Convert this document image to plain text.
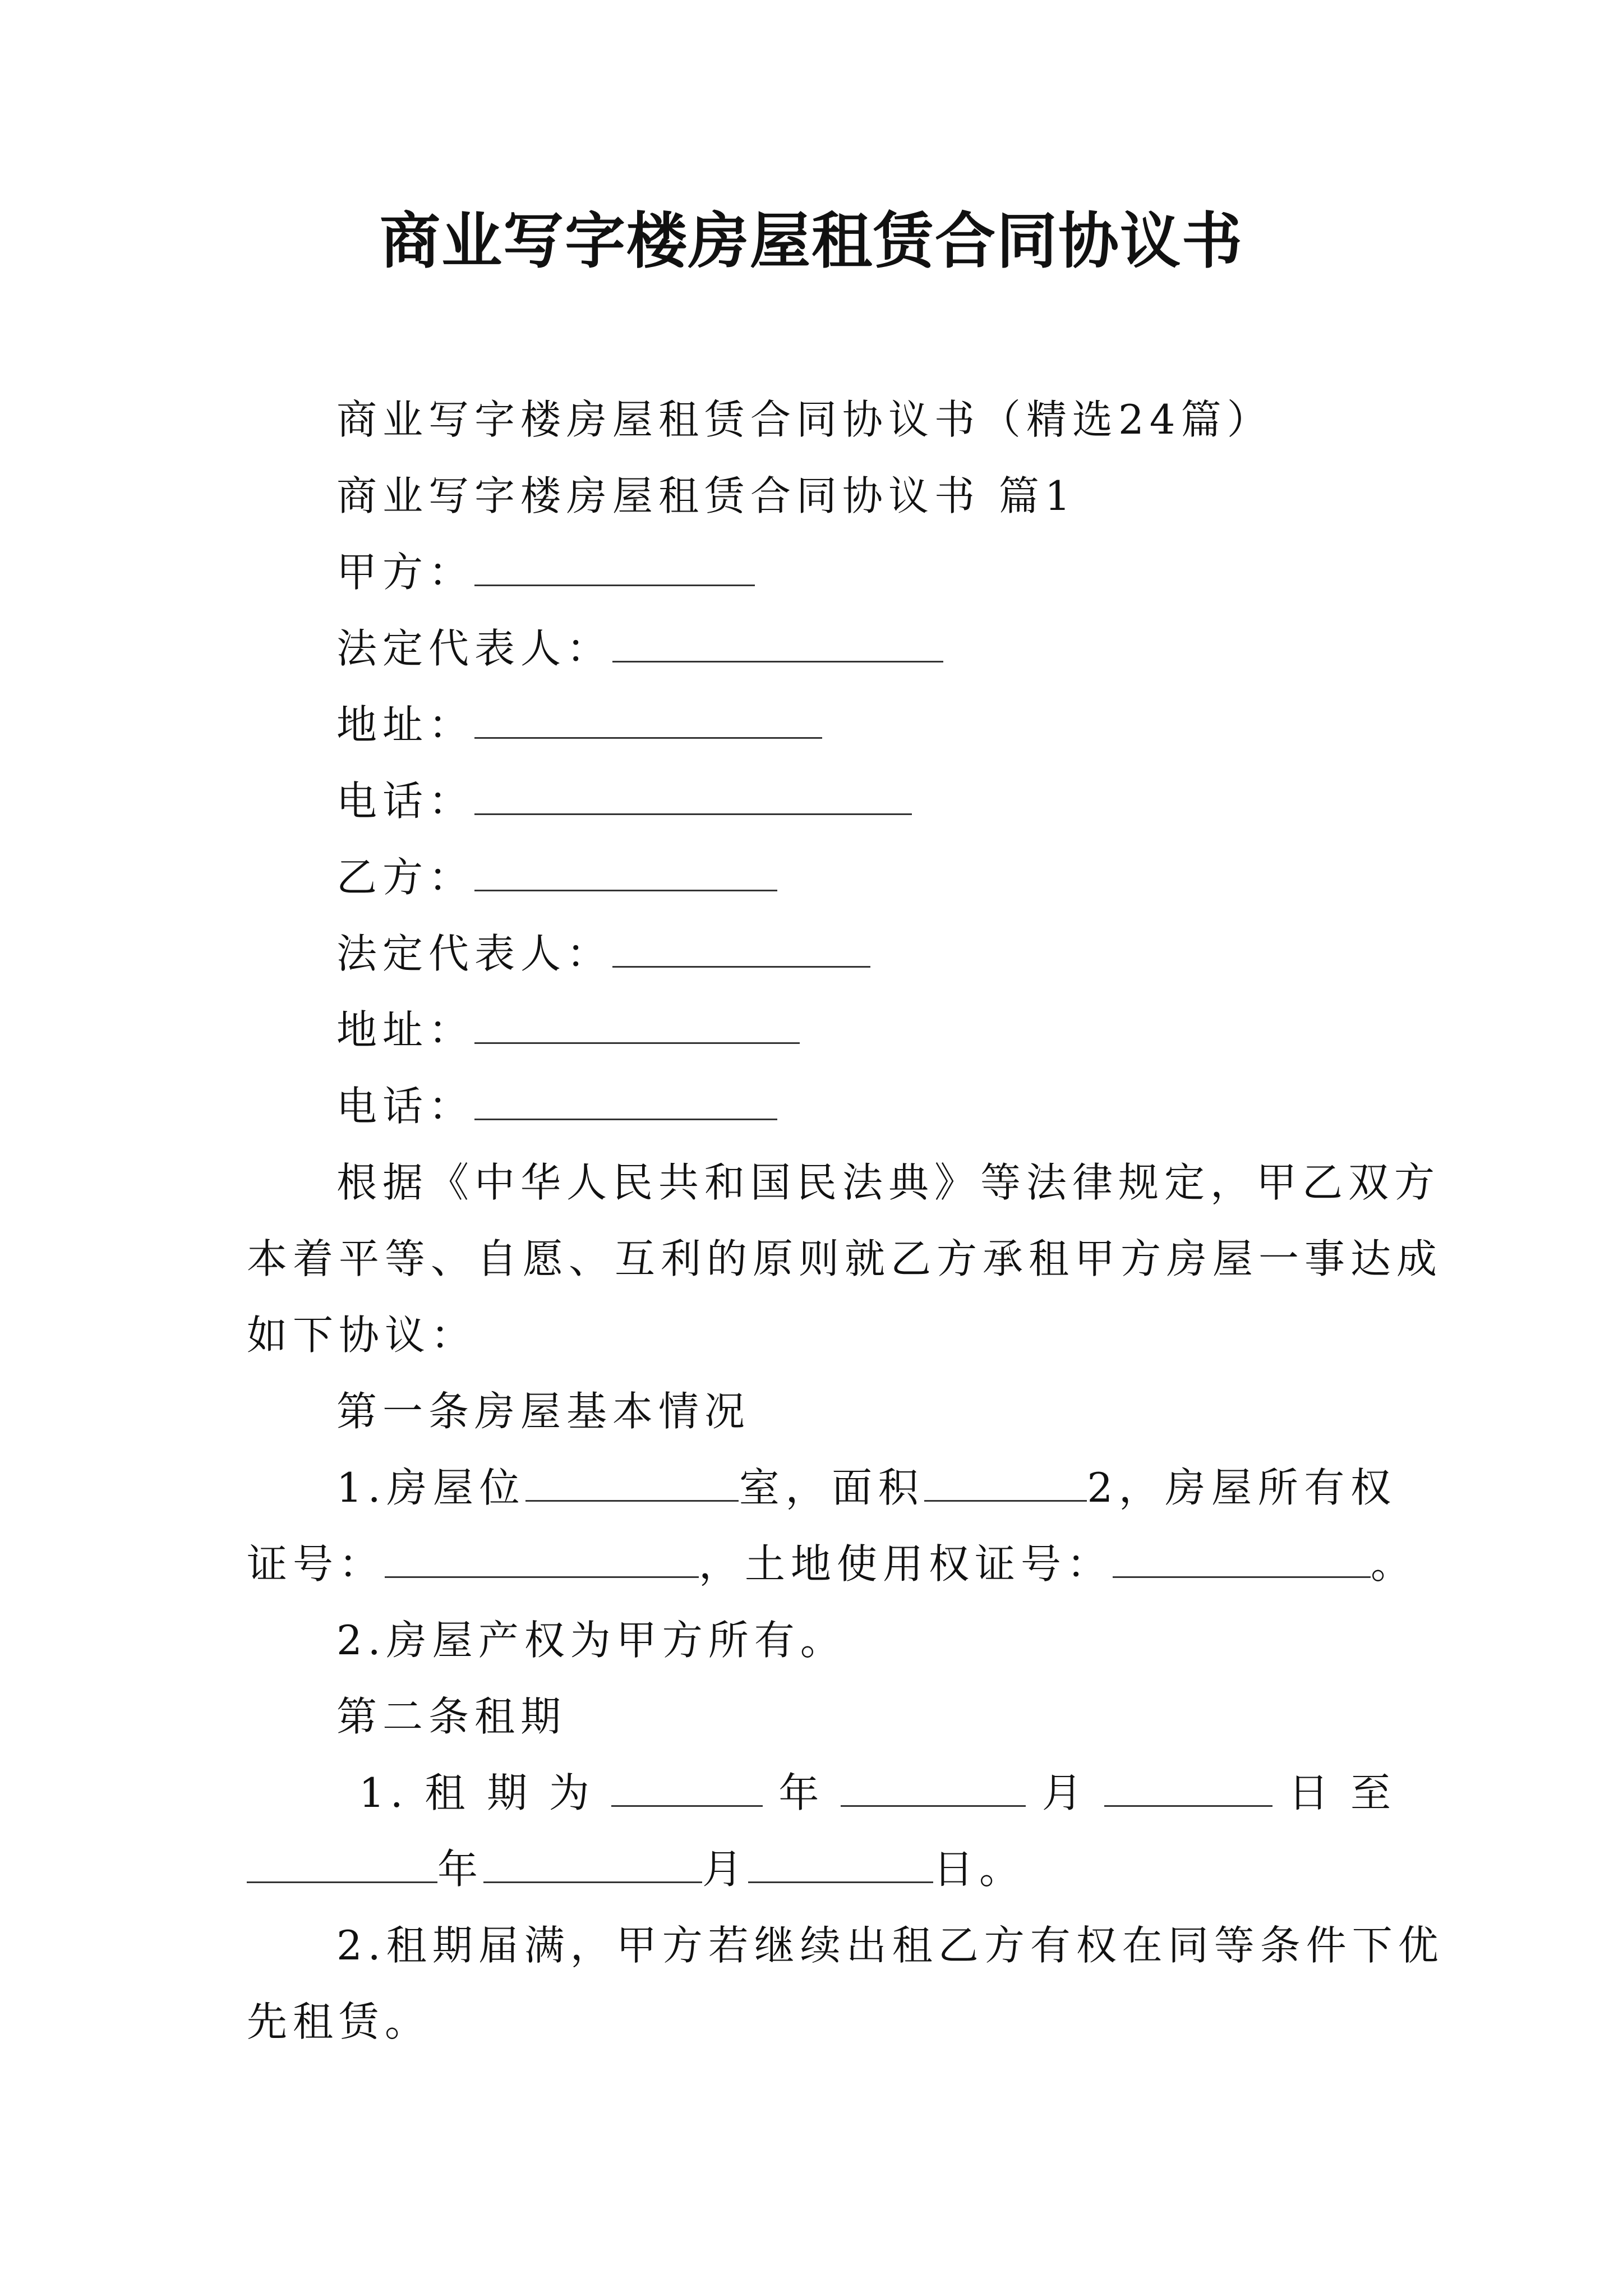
商业写字楼房屋租赁合同协议书
商业写字楼房屋租赁合同协议书（精选24篇）
商业写字楼房屋租赁合同协议书 篇1
甲方：
法定代表人：
地址：
电话：
乙方：
法定代表人：
地址：
电话：
根据《中华人民共和国民法典》等法律规定，甲乙双方
本着平等、自愿、互利的原则就乙方承租甲方房屋一事达成
如下协议：
第一条房屋基本情况
1.房屋位	室，面积	2，房屋所有权
证号：	，土地使用权证号：	。
2.房屋产权为甲方所有。
第二条租期
1.租期为	年	月	日至
年	月	日。
2.租期届满，甲方若继续出租乙方有权在同等条件下优
先租赁。
